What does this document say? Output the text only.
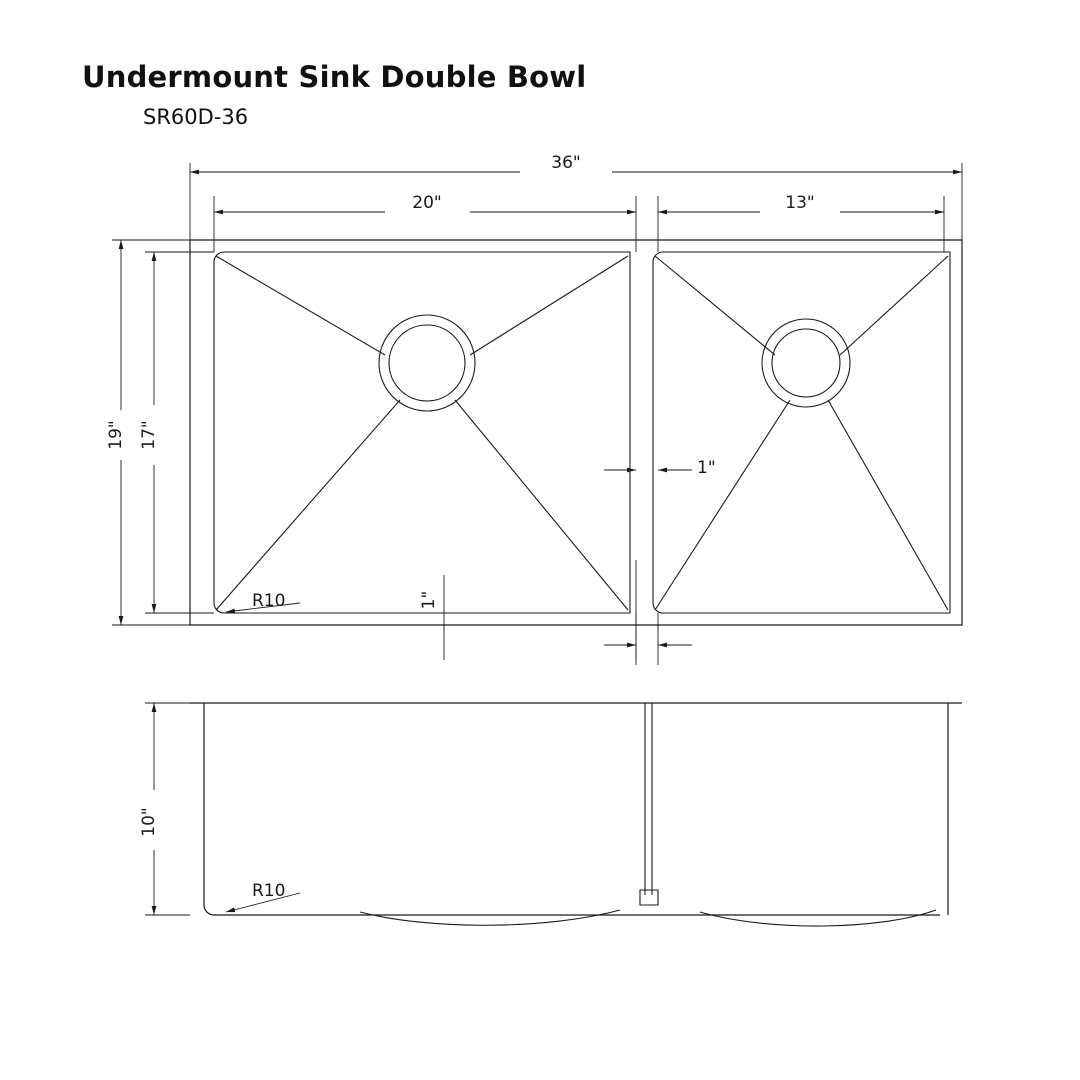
Undermount Sink Double Bowl
SR60D-36
36"
20"	13"
19" 17"
1"
1"
R10
10"
R10
